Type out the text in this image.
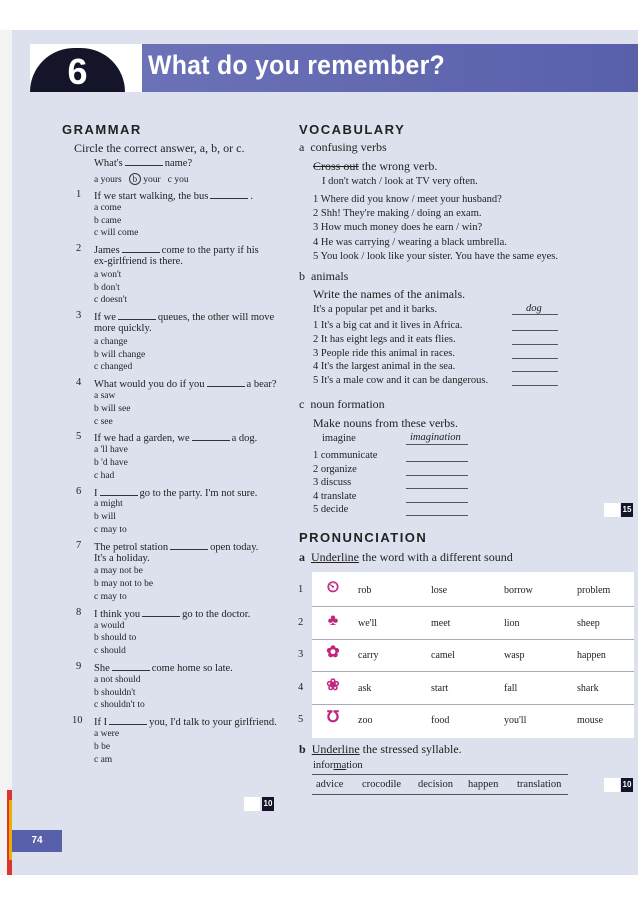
6	What do you remember?
GRAMMAR
Circle the correct answer, a, b, or c.
What's	name?
a yours b your c you
1 If we start walking, the bus	.
a come
b came
c will come
2 James	come to the party if his
ex-girlfriend is there.
a won't
b don't
c doesn't
3 If we	queues, the other will move
more quickly.
a change
b will change
c changed
4 What would you do if you	a bear?
a saw
b will see
c see
5 If we had a garden, we	a dog.
a 'll have
b 'd have
c had
6 I	go to the party. I'm not sure.
a might
b will
c may to
7 The petrol station	open today.
It's a holiday.
a may not be
b may not to be
c may to
8 I think you	go to the doctor.
a would
b should to
c should
9 She	come home so late.
a not should
b shouldn't
c shouldn't to
10 If I	you, I'd talk to your girlfriend.
a were
b be
c am
10
VOCABULARY
a confusing verbs
Cross out the wrong verb.
I don't watch / look at TV very often.
1 Where did you know / meet your husband?
2 Shh! They're making / doing an exam.
3 How much money does he earn / win?
4 He was carrying / wearing a black umbrella.
5 You look / look like your sister. You have the same eyes.
b animals
Write the names of the animals.
It's a popular pet and it barks.	dog
1 It's a big cat and it lives in Africa.
2 It has eight legs and it eats flies.
3 People ride this animal in races.
4 It's the largest animal in the sea.
5 It's a male cow and it can be dangerous.
c noun formation
Make nouns from these verbs.
imagine	imagination
1 communicate
2 organize
3 discuss
4 translate
5 decide	15
PRONUNCIATION
a Underline the word with a different sound
1 ⏲	rob	lose	borrow	problem
2	♣	we'll	meet	lion	sheep
3 ✿	carry	camel	wasp	happen
4 ❀	ask	start	fall	shark
5	℧	zoo	food	you'll	mouse
b Underline the stressed syllable.
information
advice crocodile decision happen translation	10
74
